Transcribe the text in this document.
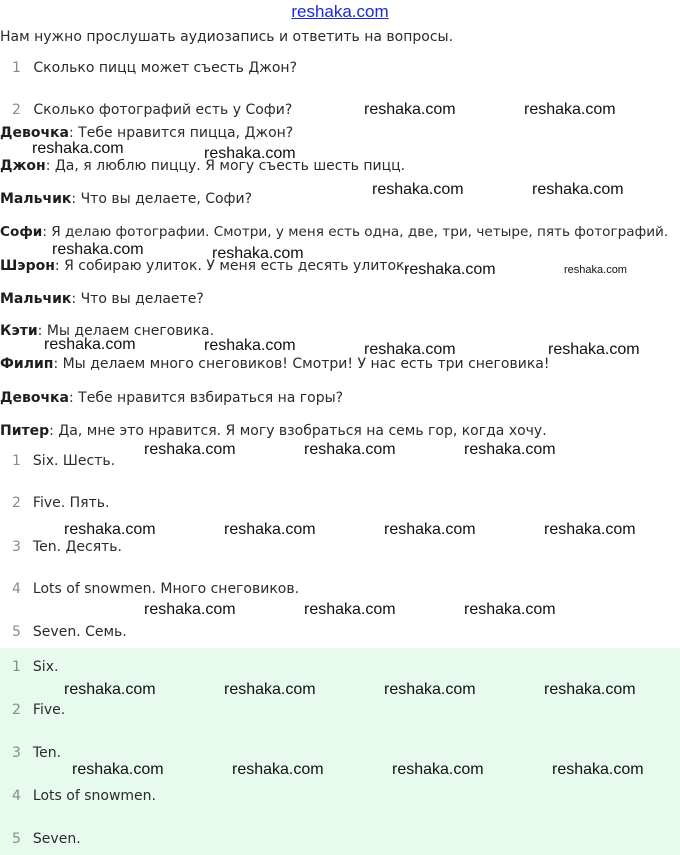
reshaka.com
Нам нужно прослушать аудиозапись и ответить на вопросы.
1 Сколько пицц может съесть Джон?
2 Сколько фотографий есть у Софи?
Девочка: Тебе нравится пицца, Джон?
Джон: Да, я люблю пиццу. Я могу съесть шесть пицц.
Мальчик: Что вы делаете, Софи?
Софи: Я делаю фотографии. Смотри, у меня есть одна, две, три, четыре, пять фотографий.
Шэрон: Я собираю улиток. У меня есть десять улиток.
Мальчик: Что вы делаете?
Кэти: Мы делаем снеговика.
Филип: Мы делаем много снеговиков! Смотри! У нас есть три снеговика!
Девочка: Тебе нравится взбираться на горы?
Питер: Да, мне это нравится. Я могу взобраться на семь гор, когда хочу.
1 Six. Шесть.
2 Five. Пять.
3 Ten. Десять.
4 Lots of snowmen. Много снеговиков.
5 Seven. Семь.
1 Six.
2 Five.
3 Ten.
4 Lots of snowmen.
5 Seven.
reshaka.com	reshaka.com
reshaka.com	reshaka.com
reshaka.com	reshaka.com
reshaka.com	reshaka.com
reshaka.com	reshaka.com
reshaka.com	reshaka.com	reshaka.com	reshaka.com
reshaka.com	reshaka.com	reshaka.com
reshaka.com	reshaka.com	reshaka.com	reshaka.com
reshaka.com	reshaka.com	reshaka.com
reshaka.com	reshaka.com	reshaka.com	reshaka.com
reshaka.com	reshaka.com	reshaka.com	reshaka.com
